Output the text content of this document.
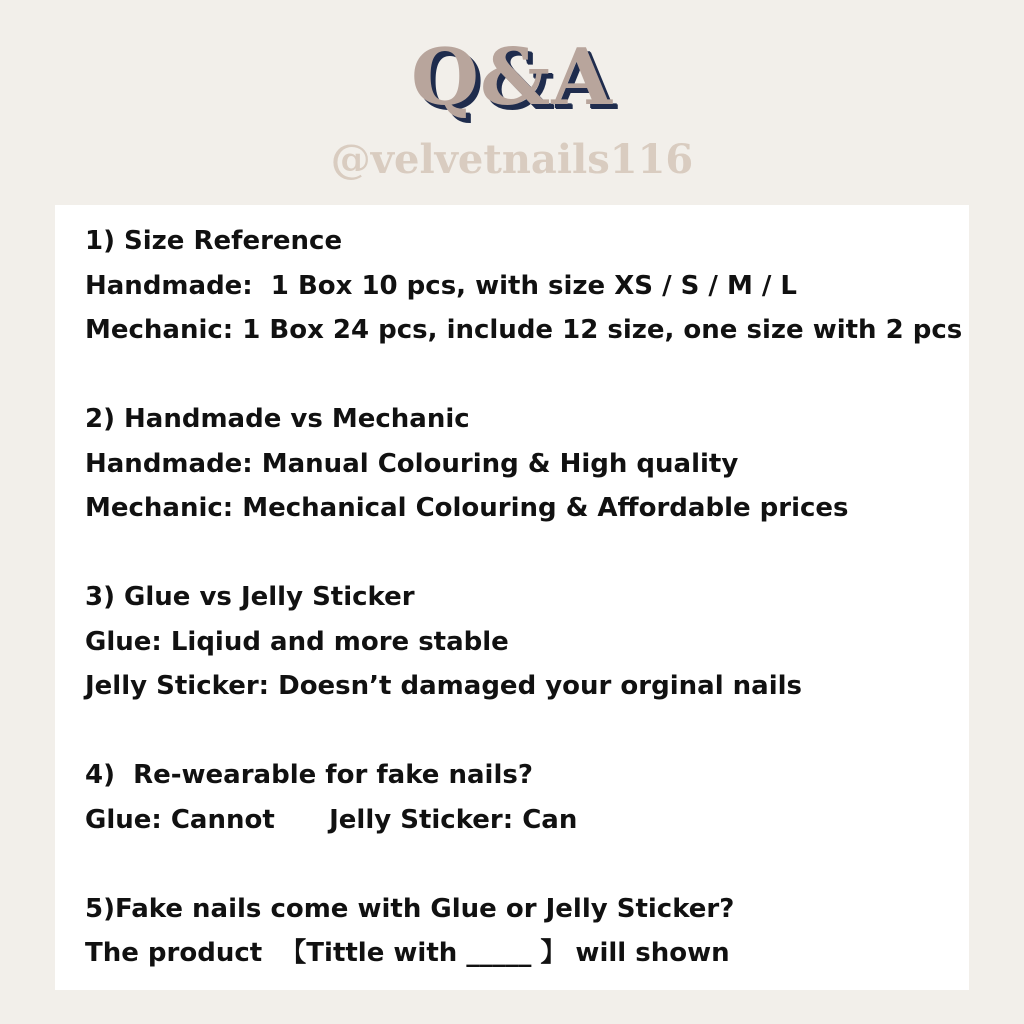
Q&A
@velvetnails116
1) Size Reference
Handmade:  1 Box 10 pcs, with size XS / S / M / L
Mechanic: 1 Box 24 pcs, include 12 size, one size with 2 pcs
2) Handmade vs Mechanic
Handmade: Manual Colouring & High quality
Mechanic: Mechanical Colouring & Affordable prices
3) Glue vs Jelly Sticker
Glue: Liqiud and more stable
Jelly Sticker: Doesn’t damaged your orginal nails
4)  Re-wearable for fake nails?
Glue: Cannot      Jelly Sticker: Can
5)Fake nails come with Glue or Jelly Sticker?
The product  【Tittle with _____ 】 will shown
